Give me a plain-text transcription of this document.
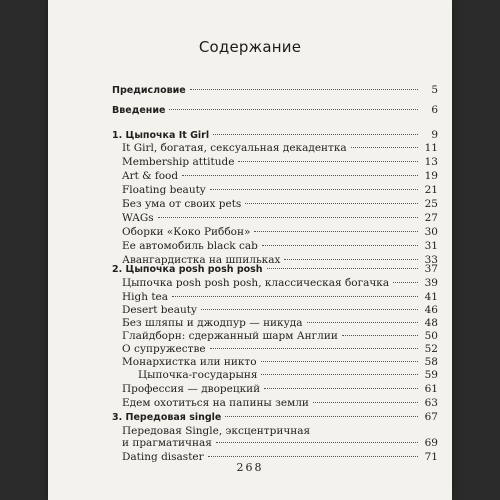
Содержание
Предисловие	5
Введение	6
1. Цыпочка It Girl	9
It Girl, богатая, сексуальная декадентка	11
Membership attitude	13
Art & food	19
Floating beauty	21
Без ума от своих pets	25
WAGs	27
Оборки «Коко Риббон»	30
Ее автомобиль black cab	31
Авангардистка на шпильках	33
2. Цыпочка posh posh posh	37
Цыпочка posh posh posh, классическая богачка	39
High tea	41
Desert beauty	46
Без шляпы и джодпур — никуда	48
Глайдборн: сдержанный шарм Англии	50
О супружестве	52
Монархистка или никто	58
Цыпочка-государыня	59
Профессия — дворецкий	61
Едем охотиться на папины земли	63
3. Передовая single	67
Передовая Single, эксцентричная
и прагматичная	69
Dating disaster	71
268
